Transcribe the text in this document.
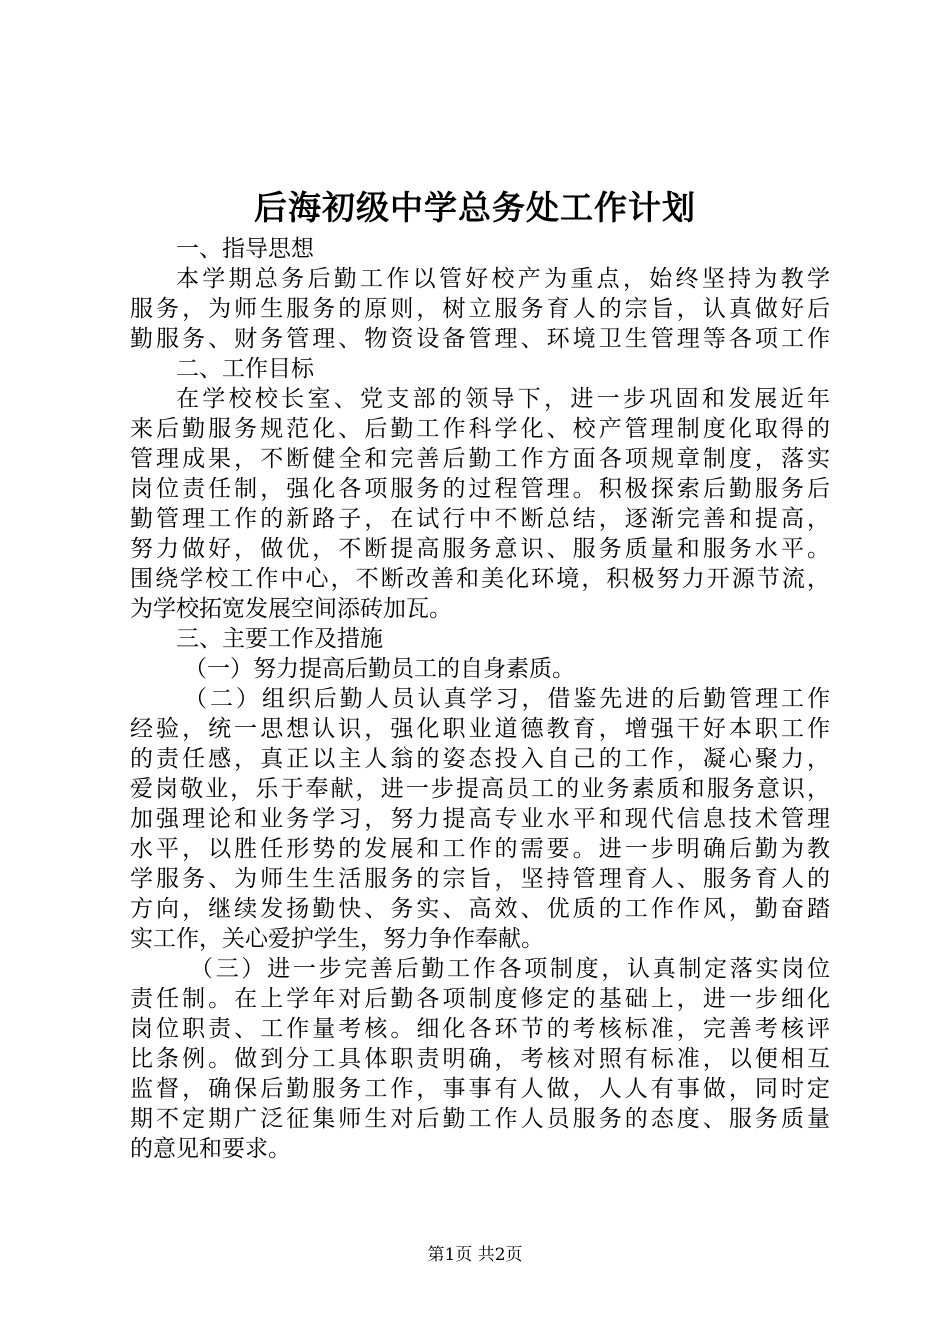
后海初级中学总务处工作计划
一、指导思想
本学期总务后勤工作以管好校产为重点，始终坚持为教学
服务，为师生服务的原则，树立服务育人的宗旨，认真做好后
勤服务、财务管理、物资设备管理、环境卫生管理等各项工作
二、工作目标
在学校校长室、党支部的领导下，进一步巩固和发展近年
来后勤服务规范化、后勤工作科学化、校产管理制度化取得的
管理成果，不断健全和完善后勤工作方面各项规章制度，落实
岗位责任制，强化各项服务的过程管理。积极探索后勤服务后
勤管理工作的新路子，在试行中不断总结，逐渐完善和提高，
努力做好，做优，不断提高服务意识、服务质量和服务水平。
围绕学校工作中心，不断改善和美化环境，积极努力开源节流，
为学校拓宽发展空间添砖加瓦。
三、主要工作及措施
（一）努力提高后勤员工的自身素质。
（二）组织后勤人员认真学习，借鉴先进的后勤管理工作
经验，统一思想认识，强化职业道德教育，增强干好本职工作
的责任感，真正以主人翁的姿态投入自己的工作，凝心聚力，
爱岗敬业，乐于奉献，进一步提高员工的业务素质和服务意识，
加强理论和业务学习，努力提高专业水平和现代信息技术管理
水平，以胜任形势的发展和工作的需要。进一步明确后勤为教
学服务、为师生生活服务的宗旨，坚持管理育人、服务育人的
方向，继续发扬勤快、务实、高效、优质的工作作风，勤奋踏
实工作，关心爱护学生，努力争作奉献。
（三）进一步完善后勤工作各项制度，认真制定落实岗位
责任制。在上学年对后勤各项制度修定的基础上，进一步细化
岗位职责、工作量考核。细化各环节的考核标准，完善考核评
比条例。做到分工具体职责明确，考核对照有标准，以便相互
监督，确保后勤服务工作，事事有人做，人人有事做，同时定
期不定期广泛征集师生对后勤工作人员服务的态度、服务质量
的意见和要求。
第1页 共2页
